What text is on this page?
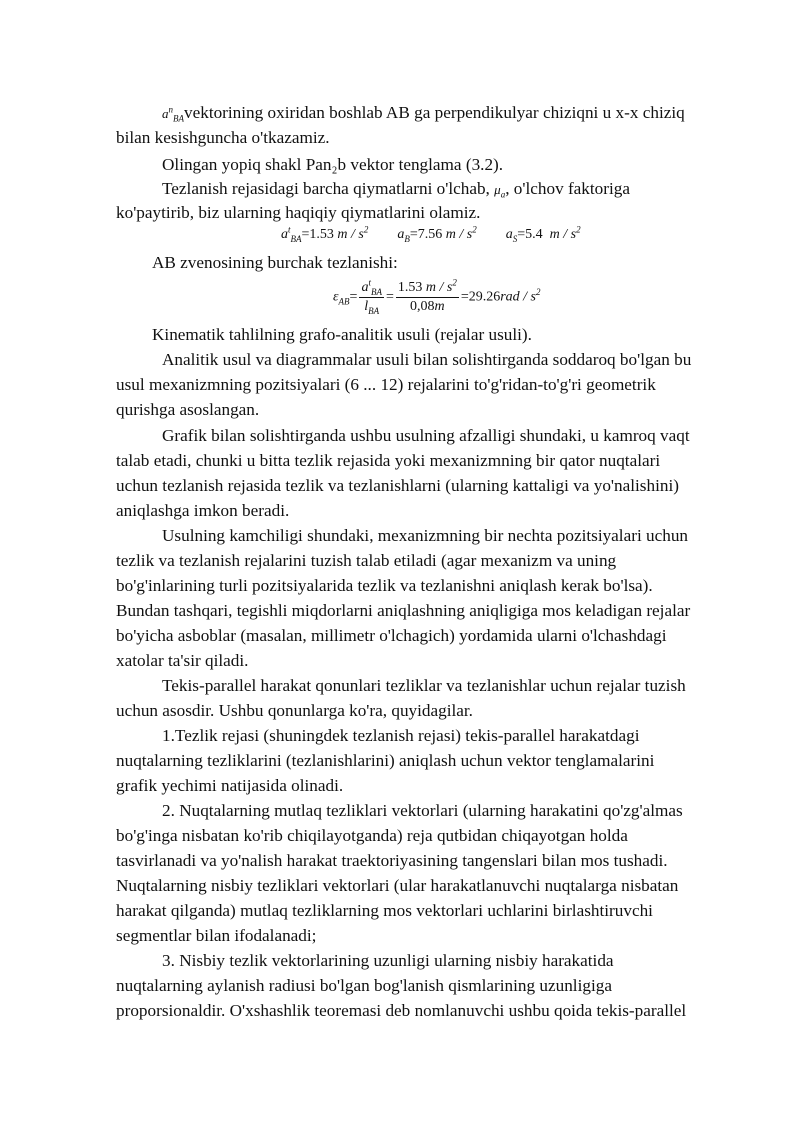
$a^n_{BA}vektorining$ oxiridan boshlab AB ga perpendikulyar chiziqni u x-x chiziq
bilan kesishguncha o'tkazamiz.
Olingan yopiq shakl Pan₂b vektor tenglama (3.2).
Tezlanish rejasidagi barcha qiymatlarni o'lchab, $\mu_a$, o'lchov faktoriga
ko'paytirib, biz ularning haqiqiy qiymatlarini olamiz.
$a^t_{BA}=1.53$ m / $s^2$ $a_B=7.56$ m / $s^2$ $a_S=5.4$ m / $s^2$
AB zvenosining burchak tezlanishi:
$\varepsilon_{AB}= \frac{a^t_{BA}}{l_{BA}} = \frac{1.53 m / s^2}{0,08m} =29.26rad / s^2$
Kinematik tahlilning grafo-analitik usuli (rejalar usuli).
Analitik usul va diagrammalar usuli bilan solishtirganda soddaroq bo'lgan bu
usul mexanizmning pozitsiyalari (6 ... 12) rejalarini to'g'ridan-to'g'ri geometrik
qurishga asoslangan.
Grafik bilan solishtirganda ushbu usulning afzalligi shundaki, u kamroq vaqt
talab etadi, chunki u bitta tezlik rejasida yoki mexanizmning bir qator nuqtalari
uchun tezlanish rejasida tezlik va tezlanishlarni (ularning kattaligi va yo'nalishini)
aniqlashga imkon beradi.
Usulning kamchiligi shundaki, mexanizmning bir nechta pozitsiyalari uchun
tezlik va tezlanish rejalarini tuzish talab etiladi (agar mexanizm va uning
bo'g'inlarining turli pozitsiyalarida tezlik va tezlanishni aniqlash kerak bo'lsa).
Bundan tashqari, tegishli miqdorlarni aniqlashning aniqligiga mos keladigan rejalar
bo'yicha asboblar (masalan, millimetr o'lchagich) yordamida ularni o'lchashdagi
xatolar ta'sir qiladi.
Tekis-parallel harakat qonunlari tezliklar va tezlanishlar uchun rejalar tuzish
uchun asosdir. Ushbu qonunlarga ko'ra, quyidagilar.
1.Tezlik rejasi (shuningdek tezlanish rejasi) tekis-parallel harakatdagi
nuqtalarning tezliklarini (tezlanishlarini) aniqlash uchun vektor tenglamalarini
grafik yechimi natijasida olinadi.
2. Nuqtalarning mutlaq tezliklari vektorlari (ularning harakatini qo'zg'almas
bo'g'inga nisbatan ko'rib chiqilayotganda) reja qutbidan chiqayotgan holda
tasvirlanadi va yo'nalish harakat traektoriyasining tangenslari bilan mos tushadi.
Nuqtalarning nisbiy tezliklari vektorlari (ular harakatlanuvchi nuqtalarga nisbatan
harakat qilganda) mutlaq tezliklarning mos vektorlari uchlarini birlashtiruvchi
segmentlar bilan ifodalanadi;
3. Nisbiy tezlik vektorlarining uzunligi ularning nisbiy harakatida
nuqtalarning aylanish radiusi bo'lgan bog'lanish qismlarining uzunligiga
proporsionaldir. O'xshashlik teoremasi deb nomlanuvchi ushbu qoida tekis-parallel
